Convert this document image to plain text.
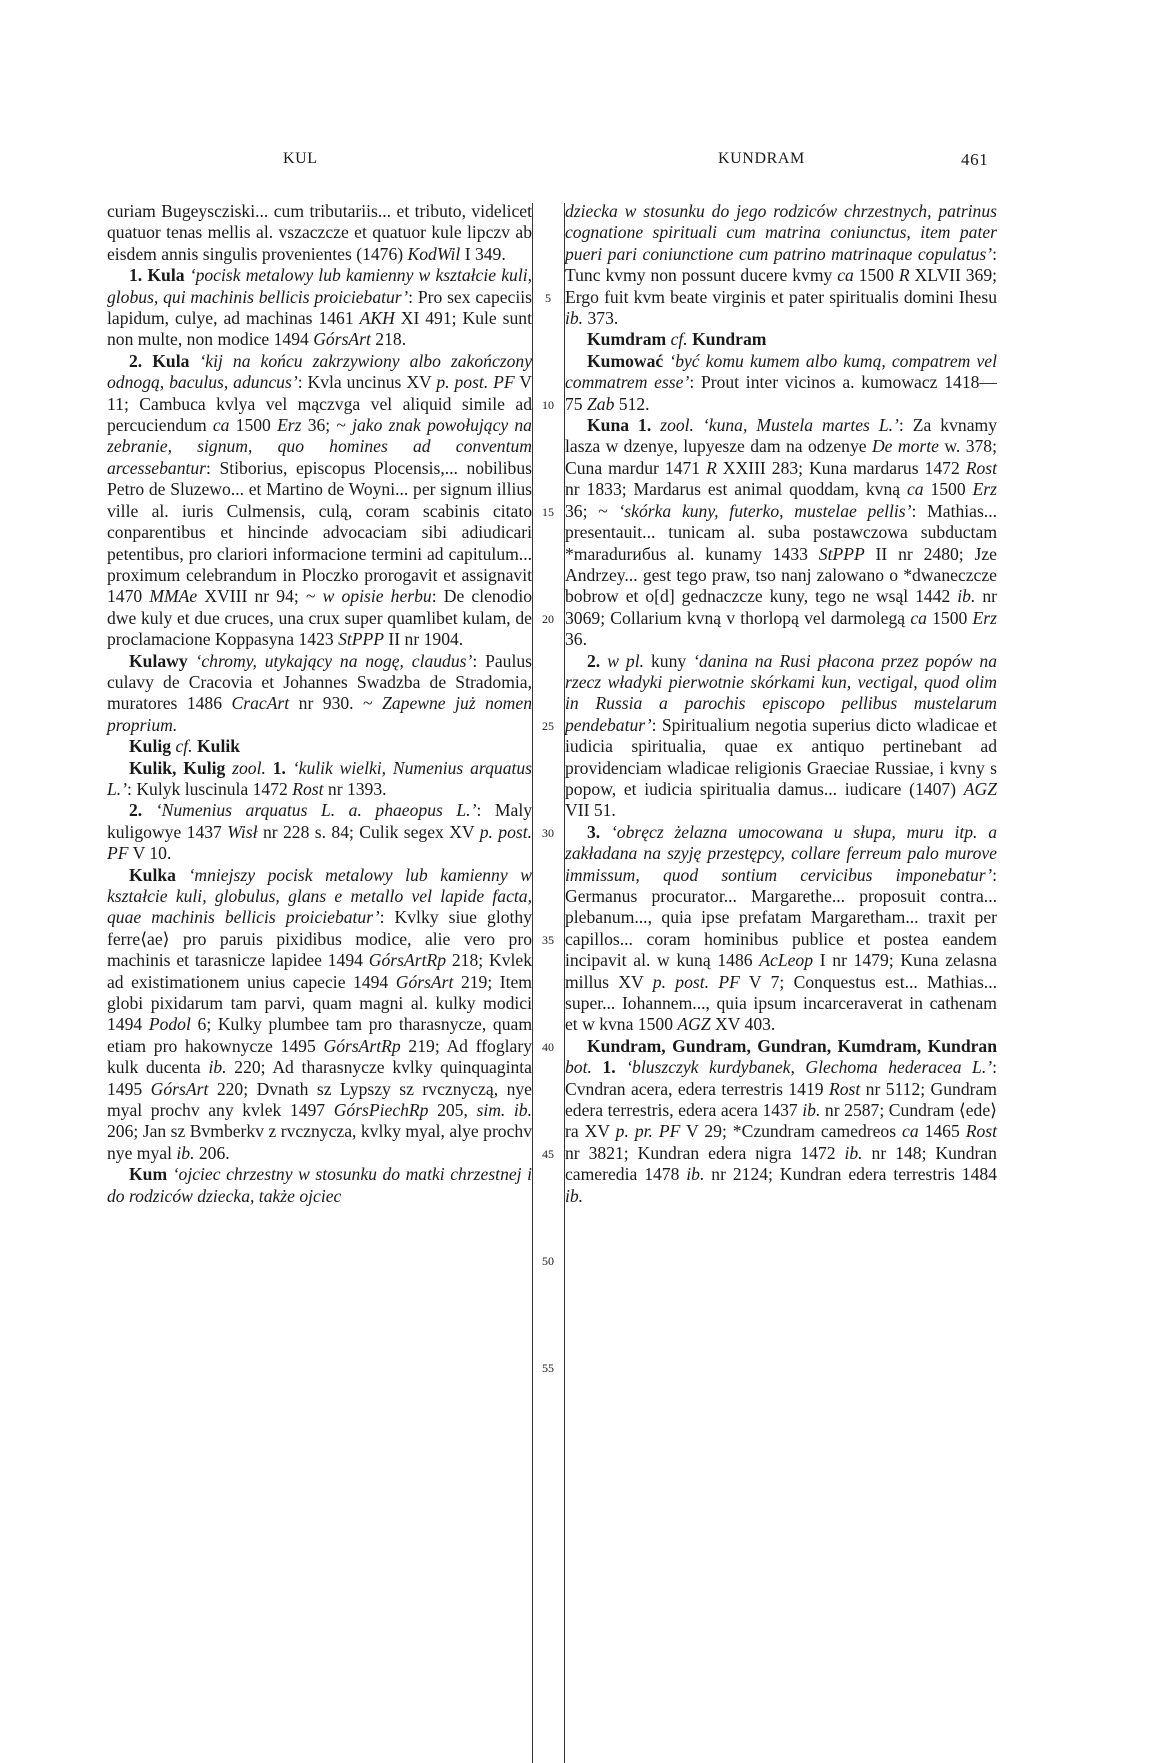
KUL	KUNDRAM	461

curiam Bugeyscziski... cum tributariis... et tributo, videlicet quatuor tenas mellis al. vszaczcze et quatuor kule lipczv ab eisdem annis singulis provenientes (1476) KodWil I 349.

1. Kula ‘pocisk metalowy lub kamienny w kształcie kuli, globus, qui machinis bellicis proiciebatur’: Pro sex capeciis lapidum, culye, ad machinas 1461 AKH XI 491; Kule sunt non multe, non modice 1494 GórsArt 218.

2. Kula ‘kij na końcu zakrzywiony albo zakończony odnogą, baculus, aduncus’: Kvla uncinus XV p. post. PF V 11; Cambuca kvlya vel mączvga vel aliquid simile ad percuciendum ca 1500 Erz 36; ~ jako znak powołujący na zebranie, signum, quo homines ad conventum arcessebantur: Stiborius, episcopus Plocensis,... nobilibus Petro de Sluzewo... et Martino de Woyni... per signum illius ville al. iuris Culmensis, culą, coram scabinis citato conparentibus et hincinde advocaciam sibi adiudicari petentibus, pro clariori informacione termini ad capitulum... proximum celebrandum in Ploczko prorogavit et assignavit 1470 MMAe XVIII nr 94; ~ w opisie herbu: De clenodio dwe kuly et due cruces, una crux super quamlibet kulam, de proclamacione Koppasyna 1423 StPPP II nr 1904.

Kulawy ‘chromy, utykający na nogę, claudus’: Paulus culavy de Cracovia et Johannes Swadzba de Stradomia, muratores 1486 CracArt nr 930. ~ Zapewne już nomen proprium.

Kulig cf. Kulik

Kulik, Kulig zool. 1. ‘kulik wielki, Numenius arquatus L.’: Kulyk luscinula 1472 Rost nr 1393.

2. ‘Numenius arquatus L. a. phaeopus L.’: Maly kuligowye 1437 Wisł nr 228 s. 84; Culik segex XV p. post. PF V 10.

Kulka ‘mniejszy pocisk metalowy lub kamienny w kształcie kuli, globulus, glans e metallo vel lapide facta, quae machinis bellicis proiciebatur’: Kvlky siue glothy ferre⟨ae⟩ pro paruis pixidibus modice, alie vero pro machinis et tarasnicze lapidee 1494 GórsArtRp 218; Kvlek ad existimationem unius capecie 1494 GórsArt 219; Item globi pixidarum tam parvi, quam magni al. kulky modici 1494 Podol 6; Kulky plumbee tam pro tharasnycze, quam etiam pro hakownycze 1495 GórsArtRp 219; Ad ffoglary kulk ducenta ib. 220; Ad tharasnycze kvlky quinquaginta 1495 GórsArt 220; Dvnath sz Lypszy sz rvcznyczą, nye myal prochv any kvlek 1497 GórsPiechRp 205, sim. ib. 206; Jan sz Bvmberkv z rvcznycza, kvlky myal, alye prochv nye myal ib. 206.

Kum ‘ojciec chrzestny w stosunku do matki chrzestnej i do rodziców dziecka, także ojciec

5
10
15
20
25
30
35
40
45
50
55

dziecka w stosunku do jego rodziców chrzestnych, patrinus cognatione spirituali cum matrina coniunctus, item pater pueri pari coniunctione cum patrino matrinaque copulatus’: Tunc kvmy non possunt ducere kvmy ca 1500 R XLVII 369; Ergo fuit kvm beate virginis et pater spiritualis domini Ihesu ib. 373.

Kumdram cf. Kundram

Kumować ‘być komu kumem albo kumą, compatrem vel commatrem esse’: Prout inter vicinos a. kumowacz 1418—75 Zab 512.

Kuna 1. zool. ‘kuna, Mustela martes L.’: Za kvnamy lasza w dzenye, lupyesze dam na odzenye De morte w. 378; Cuna mardur 1471 R XXIII 283; Kuna mardarus 1472 Rost nr 1833; Mardarus est animal quoddam, kvną ca 1500 Erz 36; ~ ‘skórka kuny, futerko, mustelae pellis’: Mathias... presentauit... tunicam al. suba postawczowa subductam *maradurибus al. kunamy 1433 StPPP II nr 2480; Jze Andrzey... gest tego praw, tso nanj zalowano o *dwaneczcze bobrow et o[d] gednaczcze kuny, tego ne wsąl 1442 ib. nr 3069; Collarium kvną v thorlopą vel darmolegą ca 1500 Erz 36.

2. w pl. kuny ‘danina na Rusi płacona przez popów na rzecz władyki pierwotnie skórkami kun, vectigal, quod olim in Russia a parochis episcopo pellibus mustelarum pendebatur’: Spiritualium negotia superius dicto wladicae et iudicia spiritualia, quae ex antiquo pertinebant ad providenciam wladicae religionis Graeciae Russiae, i kvny s popow, et iudicia spiritualia damus... iudicare (1407) AGZ VII 51.

3. ‘obręcz żelazna umocowana u słupa, muru itp. a zakładana na szyję przestępcy, collare ferreum palo murove immissum, quod sontium cervicibus imponebatur’: Germanus procurator... Margarethe... proposuit contra... plebanum..., quia ipse prefatam Margaretham... traxit per capillos... coram hominibus publice et postea eandem incipavit al. w kuną 1486 AcLeop I nr 1479; Kuna zelasna millus XV p. post. PF V 7; Conquestus est... Mathias... super... Iohannem..., quia ipsum incarceraverat in cathenam et w kvna 1500 AGZ XV 403.

Kundram, Gundram, Gundran, Kumdram, Kundran bot. 1. ‘bluszczyk kurdybanek, Glechoma hederacea L.’: Cvndran acera, edera terrestris 1419 Rost nr 5112; Gundram edera terrestris, edera acera 1437 ib. nr 2587; Cundram ⟨ede⟩ra XV p. pr. PF V 29; *Czundram camedreos ca 1465 Rost nr 3821; Kundran edera nigra 1472 ib. nr 148; Kundran cameredia 1478 ib. nr 2124; Kundran edera terrestris 1484 ib.
